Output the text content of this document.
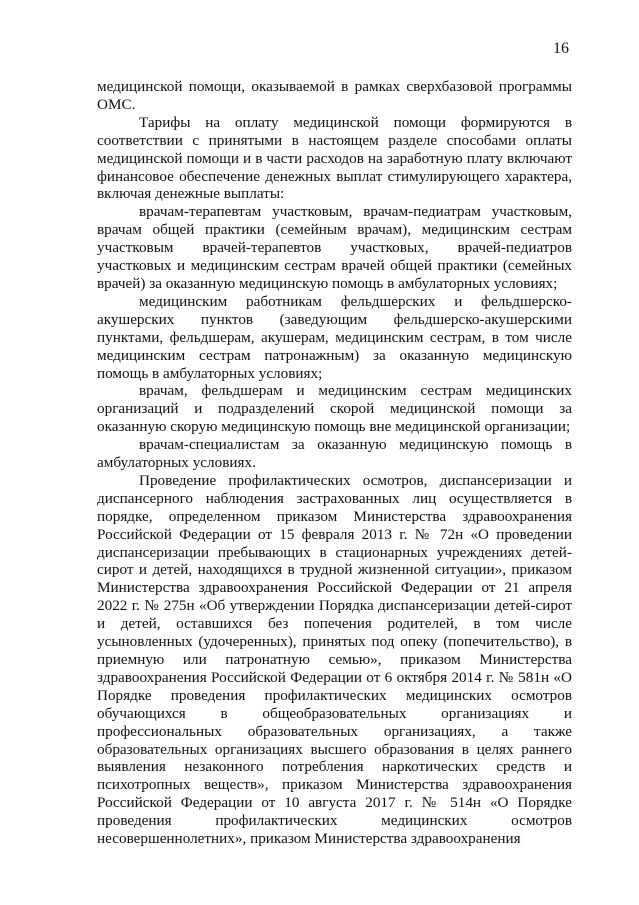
16

медицинской помощи, оказываемой в рамках сверхбазовой программы ОМС.

Тарифы на оплату медицинской помощи формируются в соответствии с принятыми в настоящем разделе способами оплаты медицинской помощи и в части расходов на заработную плату включают финансовое обеспечение денежных выплат стимулирующего характера, включая денежные выплаты:

врачам-терапевтам участковым, врачам-педиатрам участковым, врачам общей практики (семейным врачам), медицинским сестрам участковым врачей-терапевтов участковых, врачей-педиатров участковых и медицинским сестрам врачей общей практики (семейных врачей) за оказанную медицинскую помощь в амбулаторных условиях;

медицинским работникам фельдшерских и фельдшерско-акушерских пунктов (заведующим фельдшерско-акушерскими пунктами, фельдшерам, акушерам, медицинским сестрам, в том числе медицинским сестрам патронажным) за оказанную медицинскую помощь в амбулаторных условиях;

врачам, фельдшерам и медицинским сестрам медицинских организаций и подразделений скорой медицинской помощи за оказанную скорую медицинскую помощь вне медицинской организации;

врачам-специалистам за оказанную медицинскую помощь в амбулаторных условиях.

Проведение профилактических осмотров, диспансеризации и диспансерного наблюдения застрахованных лиц осуществляется в порядке, определенном приказом Министерства здравоохранения Российской Федерации от 15 февраля 2013 г. № 72н «О проведении диспансеризации пребывающих в стационарных учреждениях детей-сирот и детей, находящихся в трудной жизненной ситуации», приказом Министерства здравоохранения Российской Федерации от 21 апреля 2022 г. № 275н «Об утверждении Порядка диспансеризации детей-сирот и детей, оставшихся без попечения родителей, в том числе усыновленных (удочеренных), принятых под опеку (попечительство), в приемную или патронатную семью», приказом Министерства здравоохранения Российской Федерации от 6 октября 2014 г. № 581н «О Порядке проведения профилактических медицинских осмотров обучающихся в общеобразовательных организациях и профессиональных образовательных организациях, а также образовательных организациях высшего образования в целях раннего выявления незаконного потребления наркотических средств и психотропных веществ», приказом Министерства здравоохранения Российской Федерации от 10 августа 2017 г. № 514н «О Порядке проведения профилактических медицинских осмотров несовершеннолетних», приказом Министерства здравоохранения
